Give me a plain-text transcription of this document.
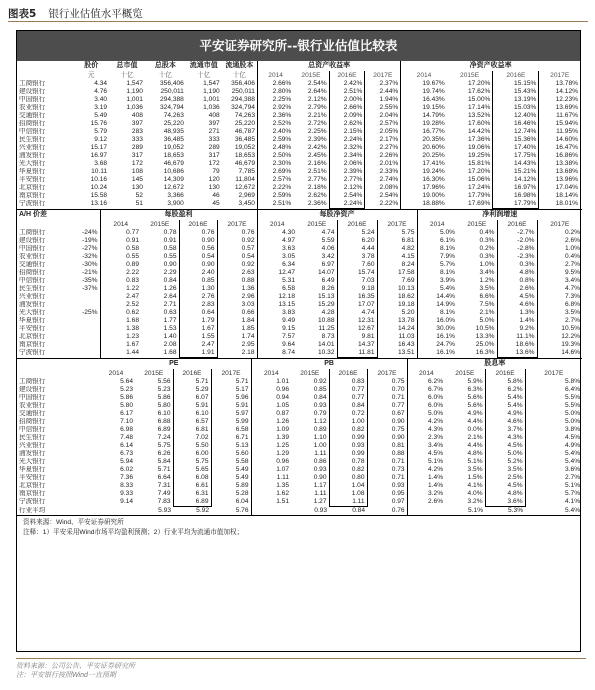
图表5 银行业估值水平概览
平安证券研究所--银行业估值比较表
	股价	总市值	总股本	流通市值	流通股本	总资产收益率				净资产收益率			
	元	十亿	十亿	十亿	十亿	2014	2015E	2016E	2017E	2014	2015E	2016E	2017E
工商银行	4.34	1,547	356,406	1,547	356,406	2.66%	2.54%	2.42%	2.37%	19.67%	17.20%	15.15%	13.78%
建设银行	4.76	1,190	250,011	1,190	250,011	2.80%	2.64%	2.51%	2.44%	19.74%	17.62%	15.43%	14.12%
中国银行	3.40	1,001	294,388	1,001	294,388	2.25%	2.12%	2.00%	1.94%	16.43%	15.00%	13.19%	12.23%
农业银行	3.19	1,036	324,794	1,036	324,794	2.92%	2.79%	2.66%	2.55%	19.15%	17.14%	15.03%	13.69%
交通银行	5.49	408	74,263	408	74,263	2.36%	2.21%	2.09%	2.04%	14.79%	13.52%	12.40%	11.67%
招商银行	15.76	397	25,220	397	25,220	2.52%	2.72%	2.62%	2.57%	19.28%	17.60%	16.46%	15.94%
中信银行	5.79	283	48,935	271	46,787	2.40%	2.25%	2.15%	2.05%	16.77%	14.42%	12.74%	11.95%
民生银行	9.12	333	36,485	333	36,485	2.59%	2.39%	2.24%	2.17%	20.35%	17.36%	15.36%	14.60%
兴业银行	15.17	289	19,052	289	19,052	2.48%	2.42%	2.32%	2.27%	20.60%	19.06%	17.40%	16.47%
浦发银行	16.97	317	18,653	317	18,653	2.50%	2.45%	2.34%	2.26%	20.25%	19.25%	17.75%	16.86%
光大银行	3.68	172	46,679	172	46,679	2.30%	2.16%	2.06%	2.01%	17.41%	15.81%	14.43%	13.38%
华夏银行	10.11	108	10,686	79	7,785	2.69%	2.51%	2.39%	2.33%	19.24%	17.20%	15.21%	13.68%
平安银行	10.16	145	14,309	120	11,804	2.57%	2.77%	2.77%	2.74%	16.30%	15.06%	14.12%	13.96%
北京银行	10.24	130	12,672	130	12,672	2.22%	2.18%	2.12%	2.08%	17.96%	17.24%	16.97%	17.04%
南京银行	15.58	52	3,366	46	2,969	2.59%	2.62%	2.54%	2.54%	19.00%	17.79%	16.98%	18.14%
宁波银行	13.16	51	3,900	45	3,450	2.51%	2.36%	2.24%	2.22%	18.88%	17.69%	17.79%	18.01%
A/H 价差		每股盈利				每股净资产				净利润增速			
		2014	2015E	2016E	2017E	2014	2015E	2016E	2017E	2014	2015E	2016E	2017E
工商银行	-24%	0.77	0.78	0.76	0.76	4.30	4.74	5.24	5.75	5.0%	0.4%	-2.7%	0.2%
建设银行	-19%	0.91	0.91	0.90	0.92	4.97	5.59	6.20	6.81	6.1%	0.3%	-2.0%	2.6%
中国银行	-27%	0.58	0.58	0.56	0.57	3.63	4.06	4.44	4.82	8.1%	0.2%	-2.8%	1.0%
农业银行	-32%	0.55	0.55	0.54	0.54	3.05	3.42	3.78	4.15	7.9%	0.3%	-2.3%	0.4%
交通银行	-30%	0.89	0.90	0.90	0.92	6.34	6.97	7.60	8.24	5.7%	1.0%	0.3%	2.7%
招商银行	-21%	2.22	2.29	2.40	2.63	12.47	14.07	15.74	17.58	8.1%	3.4%	4.8%	9.5%
中信银行	-35%	0.83	0.84	0.85	0.88	5.31	6.49	7.03	7.69	3.9%	1.2%	0.8%	3.4%
民生银行	-37%	1.22	1.26	1.30	1.36	6.58	8.26	9.18	10.13	5.4%	3.5%	2.6%	4.7%
兴业银行		2.47	2.64	2.76	2.96	12.18	15.13	16.35	18.62	14.4%	6.6%	4.5%	7.3%
浦发银行		2.52	2.71	2.83	3.03	13.15	15.29	17.07	19.18	14.9%	7.5%	4.6%	6.8%
光大银行	-25%	0.62	0.63	0.64	0.66	3.83	4.28	4.74	5.20	8.1%	2.1%	1.3%	3.5%
华夏银行		1.68	1.77	1.79	1.84	9.49	10.88	12.31	13.78	16.0%	5.0%	1.4%	2.7%
平安银行		1.38	1.53	1.67	1.85	9.15	11.25	12.67	14.24	30.0%	10.5%	9.2%	10.5%
北京银行		1.23	1.40	1.55	1.74	7.57	8.73	9.81	11.03	16.1%	13.3%	11.1%	12.2%
南京银行		1.67	2.08	2.47	2.95	9.64	14.01	14.37	16.43	24.7%	25.0%	18.6%	19.3%
宁波银行		1.44	1.68	1.91	2.18	8.74	10.32	11.81	13.51	16.1%	16.3%	13.6%	14.6%
	PE				PB				股息率			
	2014	2015E	2016E	2017E	2014	2015E	2016E	2017E	2014	2015E	2016E	2017E
工商银行	5.64	5.56	5.71	5.71	1.01	0.92	0.83	0.75	6.2%	5.9%	5.8%	5.8%
建设银行	5.23	5.23	5.29	5.17	0.96	0.85	0.77	0.70	6.7%	6.3%	6.2%	6.4%
中国银行	5.86	5.86	6.07	5.96	0.94	0.84	0.77	0.71	6.0%	5.6%	5.4%	5.5%
农业银行	5.80	5.80	5.91	5.91	1.05	0.93	0.84	0.77	6.0%	5.6%	5.4%	5.5%
交通银行	6.17	6.10	6.10	5.97	0.87	0.79	0.72	0.67	5.0%	4.9%	4.9%	5.0%
招商银行	7.10	6.88	6.57	5.99	1.26	1.12	1.00	0.90	4.2%	4.4%	4.6%	5.0%
中信银行	6.98	6.89	6.81	6.58	1.09	0.89	0.82	0.75	4.3%	0.0%	3.7%	3.8%
民生银行	7.48	7.24	7.02	6.71	1.39	1.10	0.99	0.90	2.3%	2.1%	4.3%	4.5%
兴业银行	6.14	5.75	5.50	5.13	1.25	1.00	0.93	0.81	3.4%	4.4%	4.5%	4.9%
浦发银行	6.73	6.26	6.00	5.60	1.29	1.11	0.99	0.88	4.5%	4.8%	5.0%	5.4%
光大银行	5.94	5.84	5.75	5.58	0.96	0.86	0.78	0.71	5.1%	5.1%	5.2%	5.4%
华夏银行	6.02	5.71	5.65	5.49	1.07	0.93	0.82	0.73	4.2%	3.5%	3.5%	3.6%
平安银行	7.36	6.64	6.08	5.49	1.11	0.90	0.80	0.71	1.4%	1.5%	2.5%	2.7%
北京银行	8.33	7.31	6.61	5.89	1.35	1.17	1.04	0.93	1.4%	4.1%	4.5%	5.1%
南京银行	9.33	7.49	6.31	5.28	1.62	1.11	1.08	0.95	3.2%	4.0%	4.8%	5.7%
宁波银行	9.14	7.83	6.89	6.04	1.51	1.27	1.11	0.97	2.6%	3.2%	3.6%	4.1%
行业平均		5.93	5.92	5.76		0.93	0.84	0.76		5.1%	5.3%	5.4%
资料来源：Wind、平安证券研究所
注释：1）平安采用Wind市场平均盈利预测；2）行业平均为流通市值加权；
资料来源：公司公告、平安证券研究所
注：平安银行按照Wind一直预期
